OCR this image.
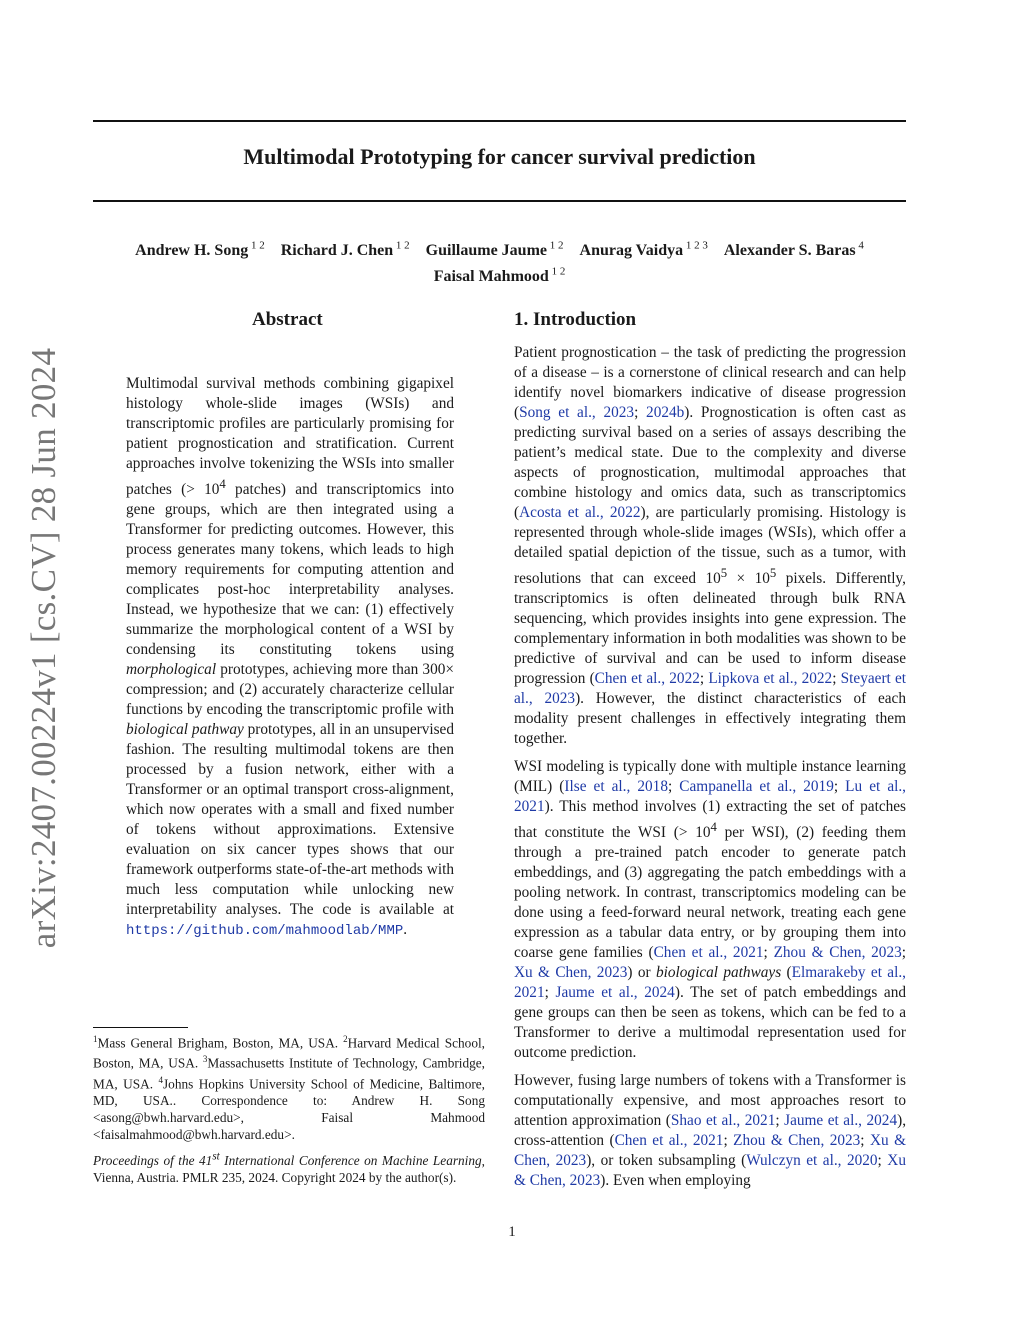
Multimodal Prototyping for cancer survival prediction
Andrew H. Song $^{1 2}$ Richard J. Chen $^{1 2}$ Guillaume Jaume $^{1 2}$ Anurag Vaidya $^{1 2 3}$ Alexander S. Baras $^4$
Faisal Mahmood $^{1 2}$
arXiv:2407.00224v1 [cs.CV] 28 Jun 2024
Abstract
Multimodal survival methods combining gigapixel histology whole-slide images (WSIs) and transcriptomic profiles are particularly promising for patient prognostication and stratification. Current approaches involve tokenizing the WSIs into smaller patches (> $10^4$ patches) and transcriptomics into gene groups, which are then integrated using a Transformer for predicting outcomes. However, this process generates many tokens, which leads to high memory requirements for computing attention and complicates post-hoc interpretability analyses. Instead, we hypothesize that we can: (1) effectively summarize the morphological content of a WSI by condensing its constituting tokens using morphological prototypes, achieving more than 300× compression; and (2) accurately characterize cellular functions by encoding the transcriptomic profile with biological pathway prototypes, all in an unsupervised fashion. The resulting multimodal tokens are then processed by a fusion network, either with a Transformer or an optimal transport cross-alignment, which now operates with a small and fixed number of tokens without approximations. Extensive evaluation on six cancer types shows that our framework outperforms state-of-the-art methods with much less computation while unlocking new interpretability analyses. The code is available at https://github.com/mahmoodlab/MMP.
$^1$Mass General Brigham, Boston, MA, USA. $^2$Harvard Medical School, Boston, MA, USA. $^3$Massachusetts Institute of Technology, Cambridge, MA, USA. $^4$Johns Hopkins University School of Medicine, Baltimore, MD, USA.. Correspondence to: Andrew H. Song <asong@bwh.harvard.edu>, Faisal Mahmood <faisalmahmood@bwh.harvard.edu>.
Proceedings of the 41st International Conference on Machine Learning, Vienna, Austria. PMLR 235, 2024. Copyright 2024 by the author(s).
1. Introduction

Patient prognostication – the task of predicting the progression of a disease – is a cornerstone of clinical research and can help identify novel biomarkers indicative of disease progression (Song et al., 2023; 2024b). Prognostication is often cast as predicting survival based on a series of assays describing the patient’s medical state. Due to the complexity and diverse aspects of prognostication, multimodal approaches that combine histology and omics data, such as transcriptomics (Acosta et al., 2022), are particularly promising. Histology is represented through whole-slide images (WSIs), which offer a detailed spatial depiction of the tissue, such as a tumor, with resolutions that can exceed $10^5 \times 10^5$ pixels. Differently, transcriptomics is often delineated through bulk RNA sequencing, which provides insights into gene expression. The complementary information in both modalities was shown to be predictive of survival and can be used to inform disease progression (Chen et al., 2022; Lipkova et al., 2022; Steyaert et al., 2023). However, the distinct characteristics of each modality present challenges in effectively integrating them together.

WSI modeling is typically done with multiple instance learning (MIL) (Ilse et al., 2018; Campanella et al., 2019; Lu et al., 2021). This method involves (1) extracting the set of patches that constitute the WSI (> $10^4$ per WSI), (2) feeding them through a pre-trained patch encoder to generate patch embeddings, and (3) aggregating the patch embeddings with a pooling network. In contrast, transcriptomics modeling can be done using a feed-forward neural network, treating each gene expression as a tabular data entry, or by grouping them into coarse gene families (Chen et al., 2021; Zhou & Chen, 2023; Xu & Chen, 2023) or biological pathways (Elmarakeby et al., 2021; Jaume et al., 2024). The set of patch embeddings and gene groups can then be seen as tokens, which can be fed to a Transformer to derive a multimodal representation used for outcome prediction.

However, fusing large numbers of tokens with a Transformer is computationally expensive, and most approaches resort to attention approximation (Shao et al., 2021; Jaume et al., 2024), cross-attention (Chen et al., 2021; Zhou & Chen, 2023; Xu & Chen, 2023), or token subsampling (Wulczyn et al., 2020; Xu & Chen, 2023). Even when employing

1
